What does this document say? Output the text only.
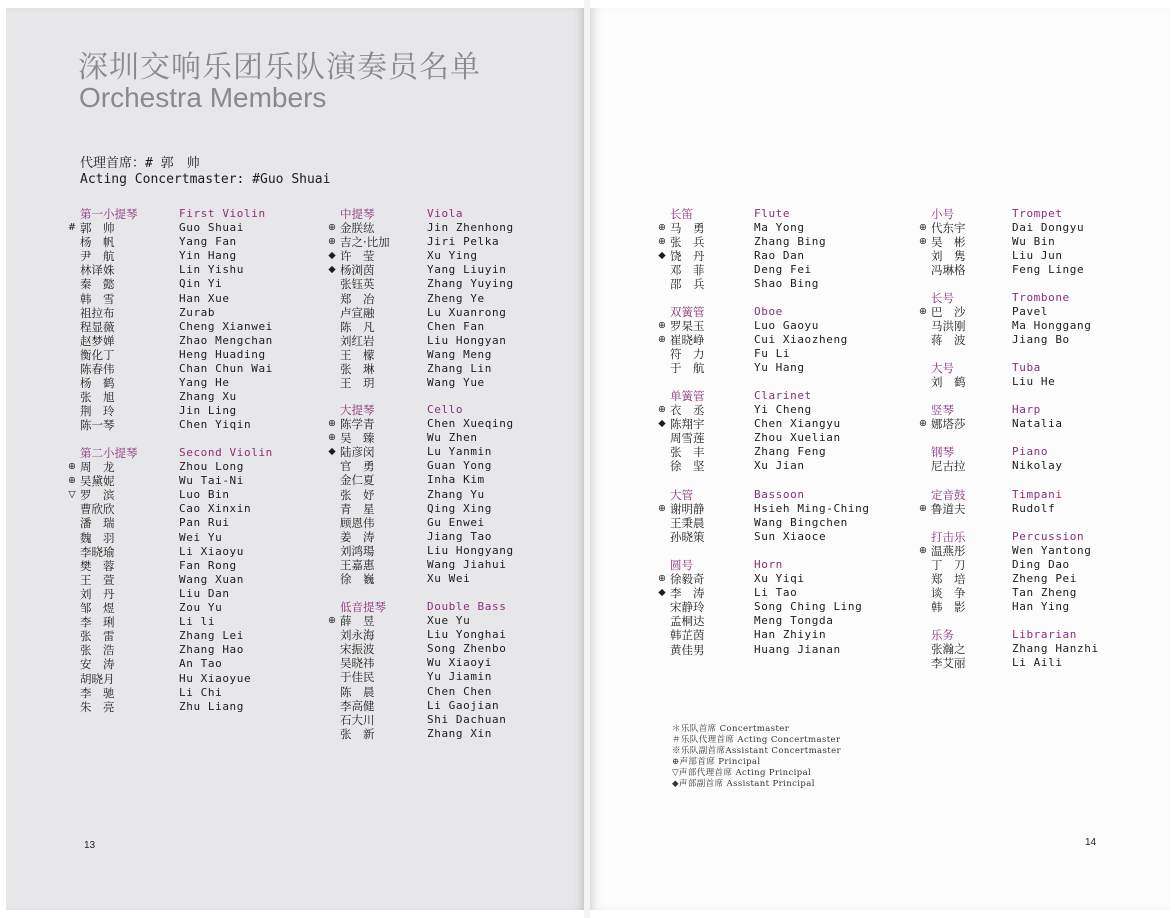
深圳交响乐团乐队演奏员名单
Orchestra Members
代理首席：# 郭　帅
Acting Concertmaster: #Guo Shuai
第一小提琴	First Violin
# 郭　帅	Guo Shuai
杨　帆	Yang Fan
尹　航	Yin Hang
林译姝	Lin Yishu
秦　懿	Qin Yi
韩　雪	Han Xue
祖拉布	Zurab
程显薇	Cheng Xianwei
赵梦婵	Zhao Mengchan
衡化丁	Heng Huading
陈春伟	Chan Chun Wai
杨　鹤	Yang He
张　旭	Zhang Xu
荆　玲	Jin Ling
陈一琴	Chen Yiqin
第二小提琴	Second Violin
⊕ 周　龙	Zhou Long
⊕ 吴黛妮	Wu Tai-Ni
▽ 罗　滨	Luo Bin
曹欣欣	Cao Xinxin
潘　瑞	Pan Rui
魏　羽	Wei Yu
李晓瑜	Li Xiaoyu
樊　蓉	Fan Rong
王　萱	Wang Xuan
刘　丹	Liu Dan
邹　煜	Zou Yu
李　琍	Li li
张　雷	Zhang Lei
张　浩	Zhang Hao
安　涛	An Tao
胡晓月	Hu Xiaoyue
李　驰	Li Chi
朱　亮	Zhu Liang
中提琴	Viola
⊕ 金朕纮	Jin Zhenhong
⊕ 吉之·比加	Jiri Pelka
◆ 许　莹	Xu Ying
◆ 杨浏茵	Yang Liuyin
张钰英	Zhang Yuying
郑　冶	Zheng Ye
卢宣融	Lu Xuanrong
陈　凡	Chen Fan
刘红岩	Liu Hongyan
王　檬	Wang Meng
张　琳	Zhang Lin
王　玥	Wang Yue
大提琴	Cello
⊕ 陈学青	Chen Xueqing
⊕ 吴　臻	Wu Zhen
◆ 陆彦闵	Lu Yanmin
官　勇	Guan Yong
金仁夏	Inha Kim
张　妤	Zhang Yu
青　星	Qing Xing
顾恩伟	Gu Enwei
姜　涛	Jiang Tao
刘鸿瑒	Liu Hongyang
王嘉惠	Wang Jiahui
徐　巍	Xu Wei
低音提琴	Double Bass
⊕ 薛　昱	Xue Yu
刘永海	Liu Yonghai
宋振波	Song Zhenbo
吴晓祎	Wu Xiaoyi
于佳民	Yu Jiamin
陈　晨	Chen Chen
李高健	Li Gaojian
石大川	Shi Dachuan
张　新	Zhang Xin
长笛	Flute
⊕ 马　勇	Ma Yong
⊕ 张　兵	Zhang Bing
◆ 饶　丹	Rao Dan
邓　菲	Deng Fei
邵　兵	Shao Bing
双簧管	Oboe
⊕ 罗杲玉	Luo Gaoyu
⊕ 崔晓峥	Cui Xiaozheng
符　力	Fu Li
于　航	Yu Hang
单簧管	Clarinet
⊕ 衣　丞	Yi Cheng
◆ 陈翔宇	Chen Xiangyu
周雪莲	Zhou Xuelian
张　丰	Zhang Feng
徐　坚	Xu Jian
大管	Bassoon
⊕ 谢明静	Hsieh Ming-Ching
王秉晨	Wang Bingchen
孙晓策	Sun Xiaoce
圆号	Horn
⊕ 徐毅奇	Xu Yiqi
◆ 李　涛	Li Tao
宋静玲	Song Ching Ling
孟桐达	Meng Tongda
韩芷茵	Han Zhiyin
黄佳男	Huang Jianan
小号	Trompet
⊕ 代东宇	Dai Dongyu
⊕ 吴　彬	Wu Bin
刘　隽	Liu Jun
冯琳格	Feng Linge
长号	Trombone
⊕ 巴　沙	Pavel
马洪刚	Ma Honggang
蒋　波	Jiang Bo
大号	Tuba
刘　鹤	Liu He
竖琴	Harp
⊕ 娜塔莎	Natalia
钢琴	Piano
尼古拉	Nikolay
定音鼓	Timpani
⊕ 鲁道夫	Rudolf
打击乐	Percussion
⊕ 温燕彤	Wen Yantong
丁　刀	Ding Dao
郑　培	Zheng Pei
谈　争	Tan Zheng
韩　影	Han Ying
乐务	Librarian
张瀚之	Zhang Hanzhi
李艾丽	Li Aili
＊乐队首席 Concertmaster
＃乐队代理首席 Acting Concertmaster
※乐队副首席Assistant Concertmaster
⊕声部首席 Principal
▽声部代理首席 Acting Principal
◆声部副首席 Assistant Principal
13	14
